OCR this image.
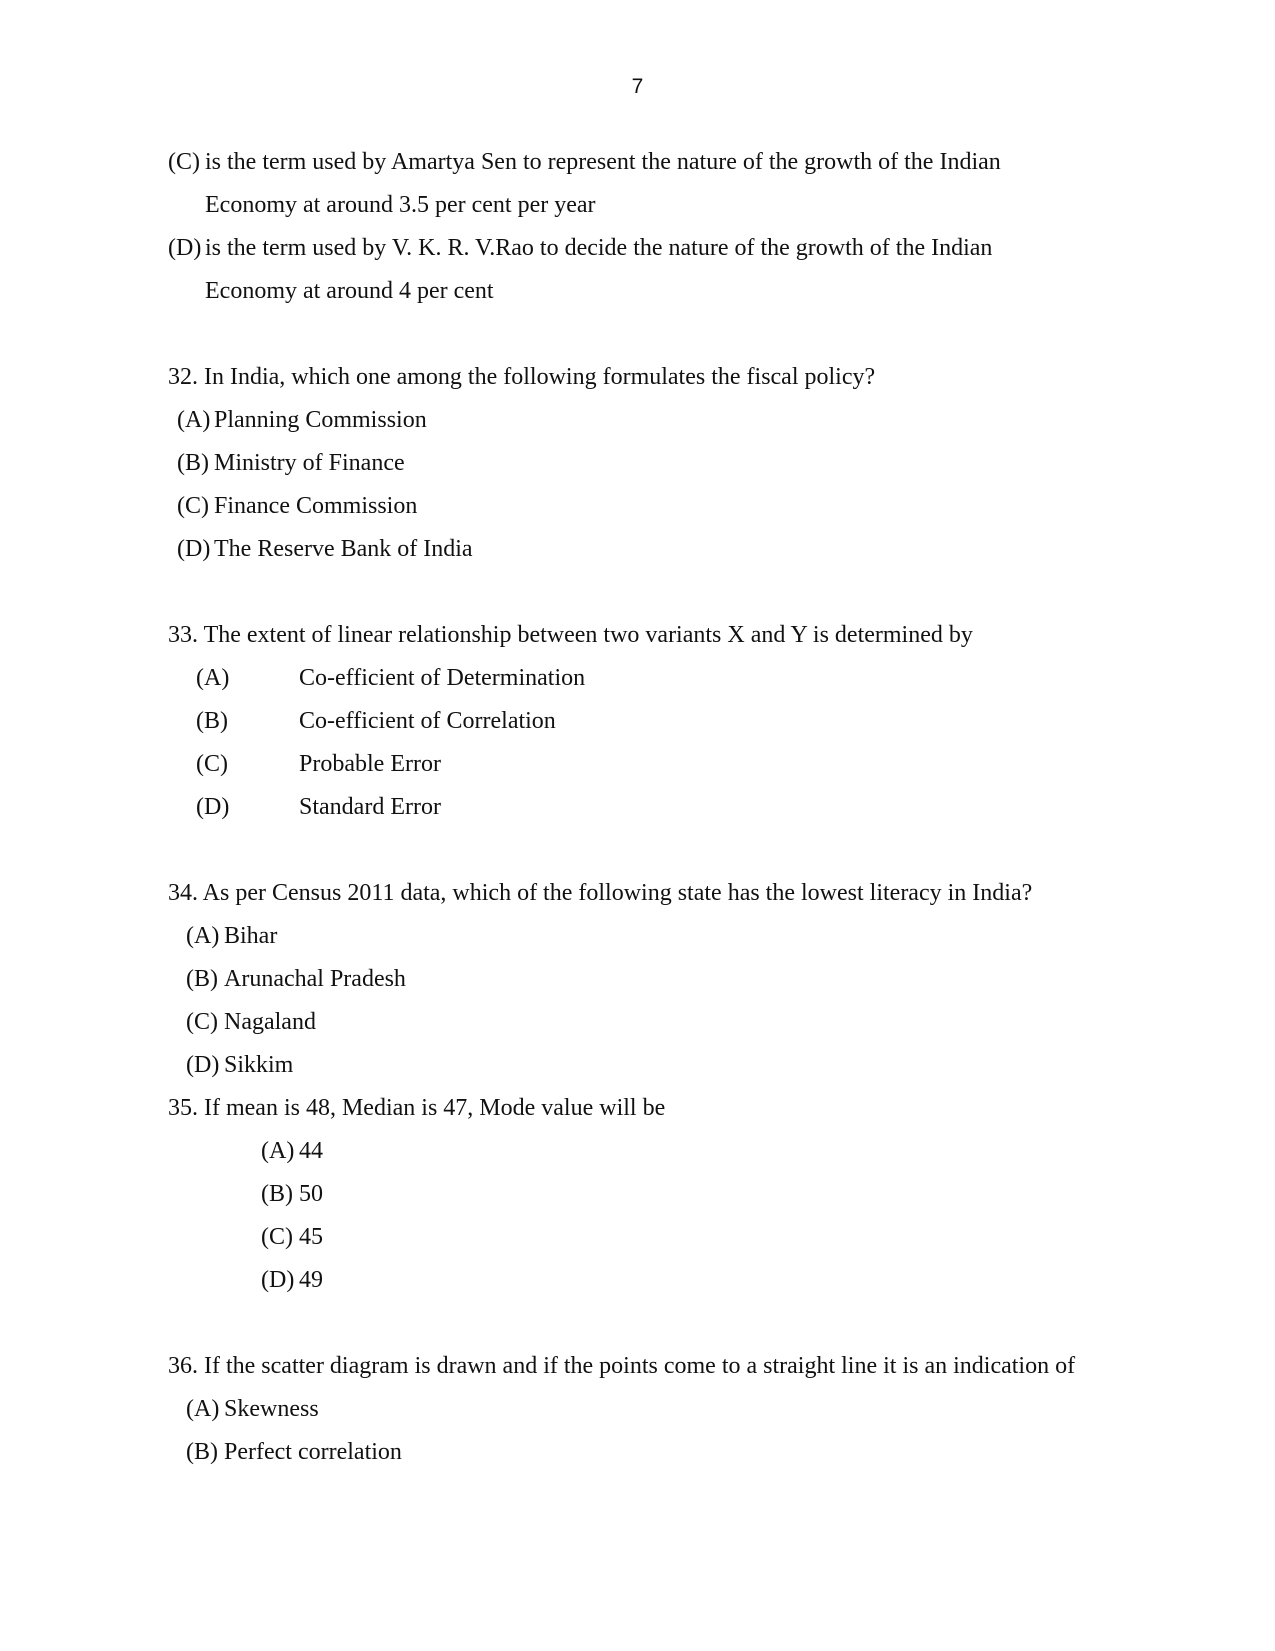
7
(C) is the term used by Amartya Sen to represent the nature of the growth of the Indian
Economy at around 3.5 per cent per year
(D) is the term used by V. K. R. V.Rao to decide the nature of the growth of the Indian
Economy at around 4 per cent
32. In India, which one among the following formulates the fiscal policy?
(A) Planning Commission
(B) Ministry of Finance
(C) Finance Commission
(D) The Reserve Bank of India
33. The extent of linear relationship between two variants X and Y is determined by
(A)	Co-efficient of Determination
(B)	Co-efficient of Correlation
(C)	Probable Error
(D)	Standard Error
34. As per Census 2011 data, which of the following state has the lowest literacy in India?
(A) Bihar
(B) Arunachal Pradesh
(C) Nagaland
(D) Sikkim
35. If mean is 48, Median is 47, Mode value will be
(A) 44
(B) 50
(C) 45
(D) 49
36. If the scatter diagram is drawn and if the points come to a straight line it is an indication of
(A) Skewness
(B) Perfect correlation
